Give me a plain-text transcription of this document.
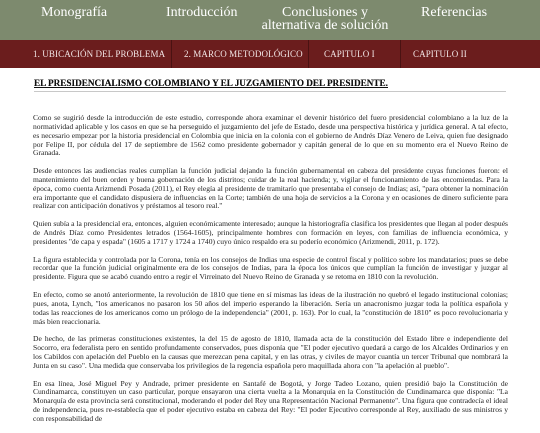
Monografía	Introducción	Conclusiones y alternativa de solución
Referencias
1. UBICACIÓN DEL PROBLEMA 2. MARCO METODOLÓGICO CAPITULO I	CAPITULO II
EL PRESIDENCIALISMO COLOMBIANO Y EL JUZGAMIENTO DEL PRESIDENTE.

Como se sugirió desde la introducción de este estudio, corresponde ahora examinar el devenir histórico del fuero presidencial colombiano a la luz de la normatividad aplicable y los casos en que se ha perseguido el juzgamiento del jefe de Estado, desde una perspectiva histórica y jurídica general. A tal efecto, es necesario empezar por la historia presidencial en Colombia que inicia en la colonia con el gobierno de Andrés Díaz Venero de Leiva, quien fue designado por Felipe II, por cédula del 17 de septiembre de 1562 como presidente gobernador y capitán general de lo que en su momento era el Nuevo Reino de Granada.

Desde entonces las audiencias reales cumplían la función judicial dejando la función gubernamental en cabeza del presidente cuyas funciones fueron: el mantenimiento del buen orden y buena gobernación de los distritos; cuidar de la real hacienda; y, vigilar el funcionamiento de las encomiendas. Para la época, como cuenta Arizmendi Posada (2011), el Rey elegía al presidente de tramitarío que presentaba el consejo de Indias; así, "para obtener la nominación era importante que el candidato dispusiera de influencias en la Corte; también de una hoja de servicios a la Corona y en ocasiones de dinero suficiente para realizar con anticipación donativos y préstamos al tesoro real."

Quien subía a la presidencial era, entonces, alguien económicamente interesado; aunque la historiografía clasifica los presidentes que llegan al poder después de Andrés Díaz como Presidentes letrados (1564-1605), principalmente hombres con formación en leyes, con familias de influencia económica, y presidentes "de capa y espada" (1605 a 1717 y 1724 a 1740) cuyo único respaldo era su poderío económico (Arizmendi, 2011, p. 172).

La figura establecida y controlada por la Corona, tenía en los consejos de Indias una especie de control fiscal y político sobre los mandatarios; pues se debe recordar que la función judicial originalmente era de los consejos de Indias, para la época los únicos que cumplían la función de investigar y juzgar al presidente. Figura que se acabó cuando entro a regir el Virreinato del Nuevo Reino de Granada y se retoma en 1810 con la revolución.

En efecto, como se anotó anteriormente, la revolución de 1810 que tiene en sí mismas las ideas de la ilustración no quebró el legado institucional colonias; pues, anota, Lynch, "los americanos no pasaron los 50 años del imperio esperando la liberación. Sería un anacronismo juzgar toda la política española y todas las reacciones de los americanos como un prólogo de la independencia" (2001, p. 163). Por lo cual, la "constitución de 1810" es poco revolucionaria y más bien reaccionaria.

De hecho, de las primeras constituciones existentes, la del 15 de agosto de 1810, llamada acta de la constitución del Estado libre e independiente del Socorro, era federalista pero en sentido profundamente conservados, pues disponía que "El poder ejecutivo quedará a cargo de los Alcaldes Ordinarios y en los Cabildos con apelación del Pueblo en la causas que merezcan pena capital, y en las otras, y civiles de mayor cuantía un tercer Tribunal que nombrará la Junta en su caso". Una medida que conservaba los privilegios de la regencia española pero maquillada ahora con "la apelación al pueblo".

En esa línea, José Miguel Pey y Andrade, primer presidente en Santafé de Bogotá, y Jorge Tadeo Lozano, quien presidió bajo la Constitución de Cundinamarca, constituyen un caso particular, porque ensayaron una cierta vuelta a la Monarquía en la Constitución de Cundinamarca que disponía: "La Monarquía de esta provincia será constitucional, moderando el poder del Rey una Representación Nacional Permanente". Una figura que contradecía el ideal de independencia, pues re-establecía que el poder ejecutivo estaba en cabeza del Rey: "El poder Ejecutivo corresponde al Rey, auxiliado de sus ministros y con responsabilidad de
